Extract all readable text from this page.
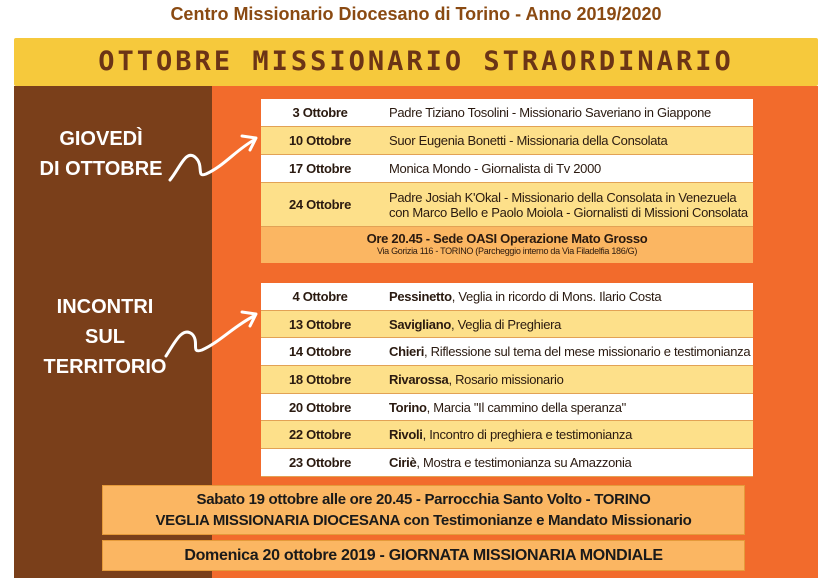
Centro Missionario Diocesano di Torino - Anno 2019/2020
OTTOBRE MISSIONARIO STRAORDINARIO
GIOVEDÌ
DI OTTOBRE
INCONTRI
SUL
TERRITORIO
3 Ottobre	Padre Tiziano Tosolini - Missionario Saveriano in Giappone
10 Ottobre	Suor Eugenia Bonetti - Missionaria della Consolata
17 Ottobre	Monica Mondo - Giornalista di Tv 2000
24 Ottobre	Padre Josiah K'Okal - Missionario della Consolata in Venezuela
con Marco Bello e Paolo Moiola - Giornalisti di Missioni Consolata
Ore 20.45 - Sede OASI Operazione Mato Grosso
Via Gorizia 116 - TORINO (Parcheggio interno da Via Filadelfia 186/G)
4 Ottobre	Pessinetto, Veglia in ricordo di Mons. Ilario Costa
13 Ottobre	Savigliano, Veglia di Preghiera
14 Ottobre	Chieri, Riflessione sul tema del mese missionario e testimonianza
18 Ottobre	Rivarossa, Rosario missionario
20 Ottobre	Torino, Marcia "Il cammino della speranza"
22 Ottobre	Rivoli, Incontro di preghiera e testimonianza
23 Ottobre	Ciriè, Mostra e testimonianza su Amazzonia
Sabato 19 ottobre alle ore 20.45 - Parrocchia Santo Volto - TORINO
VEGLIA MISSIONARIA DIOCESANA con Testimonianze e Mandato Missionario
Domenica 20 ottobre 2019 - GIORNATA MISSIONARIA MONDIALE
